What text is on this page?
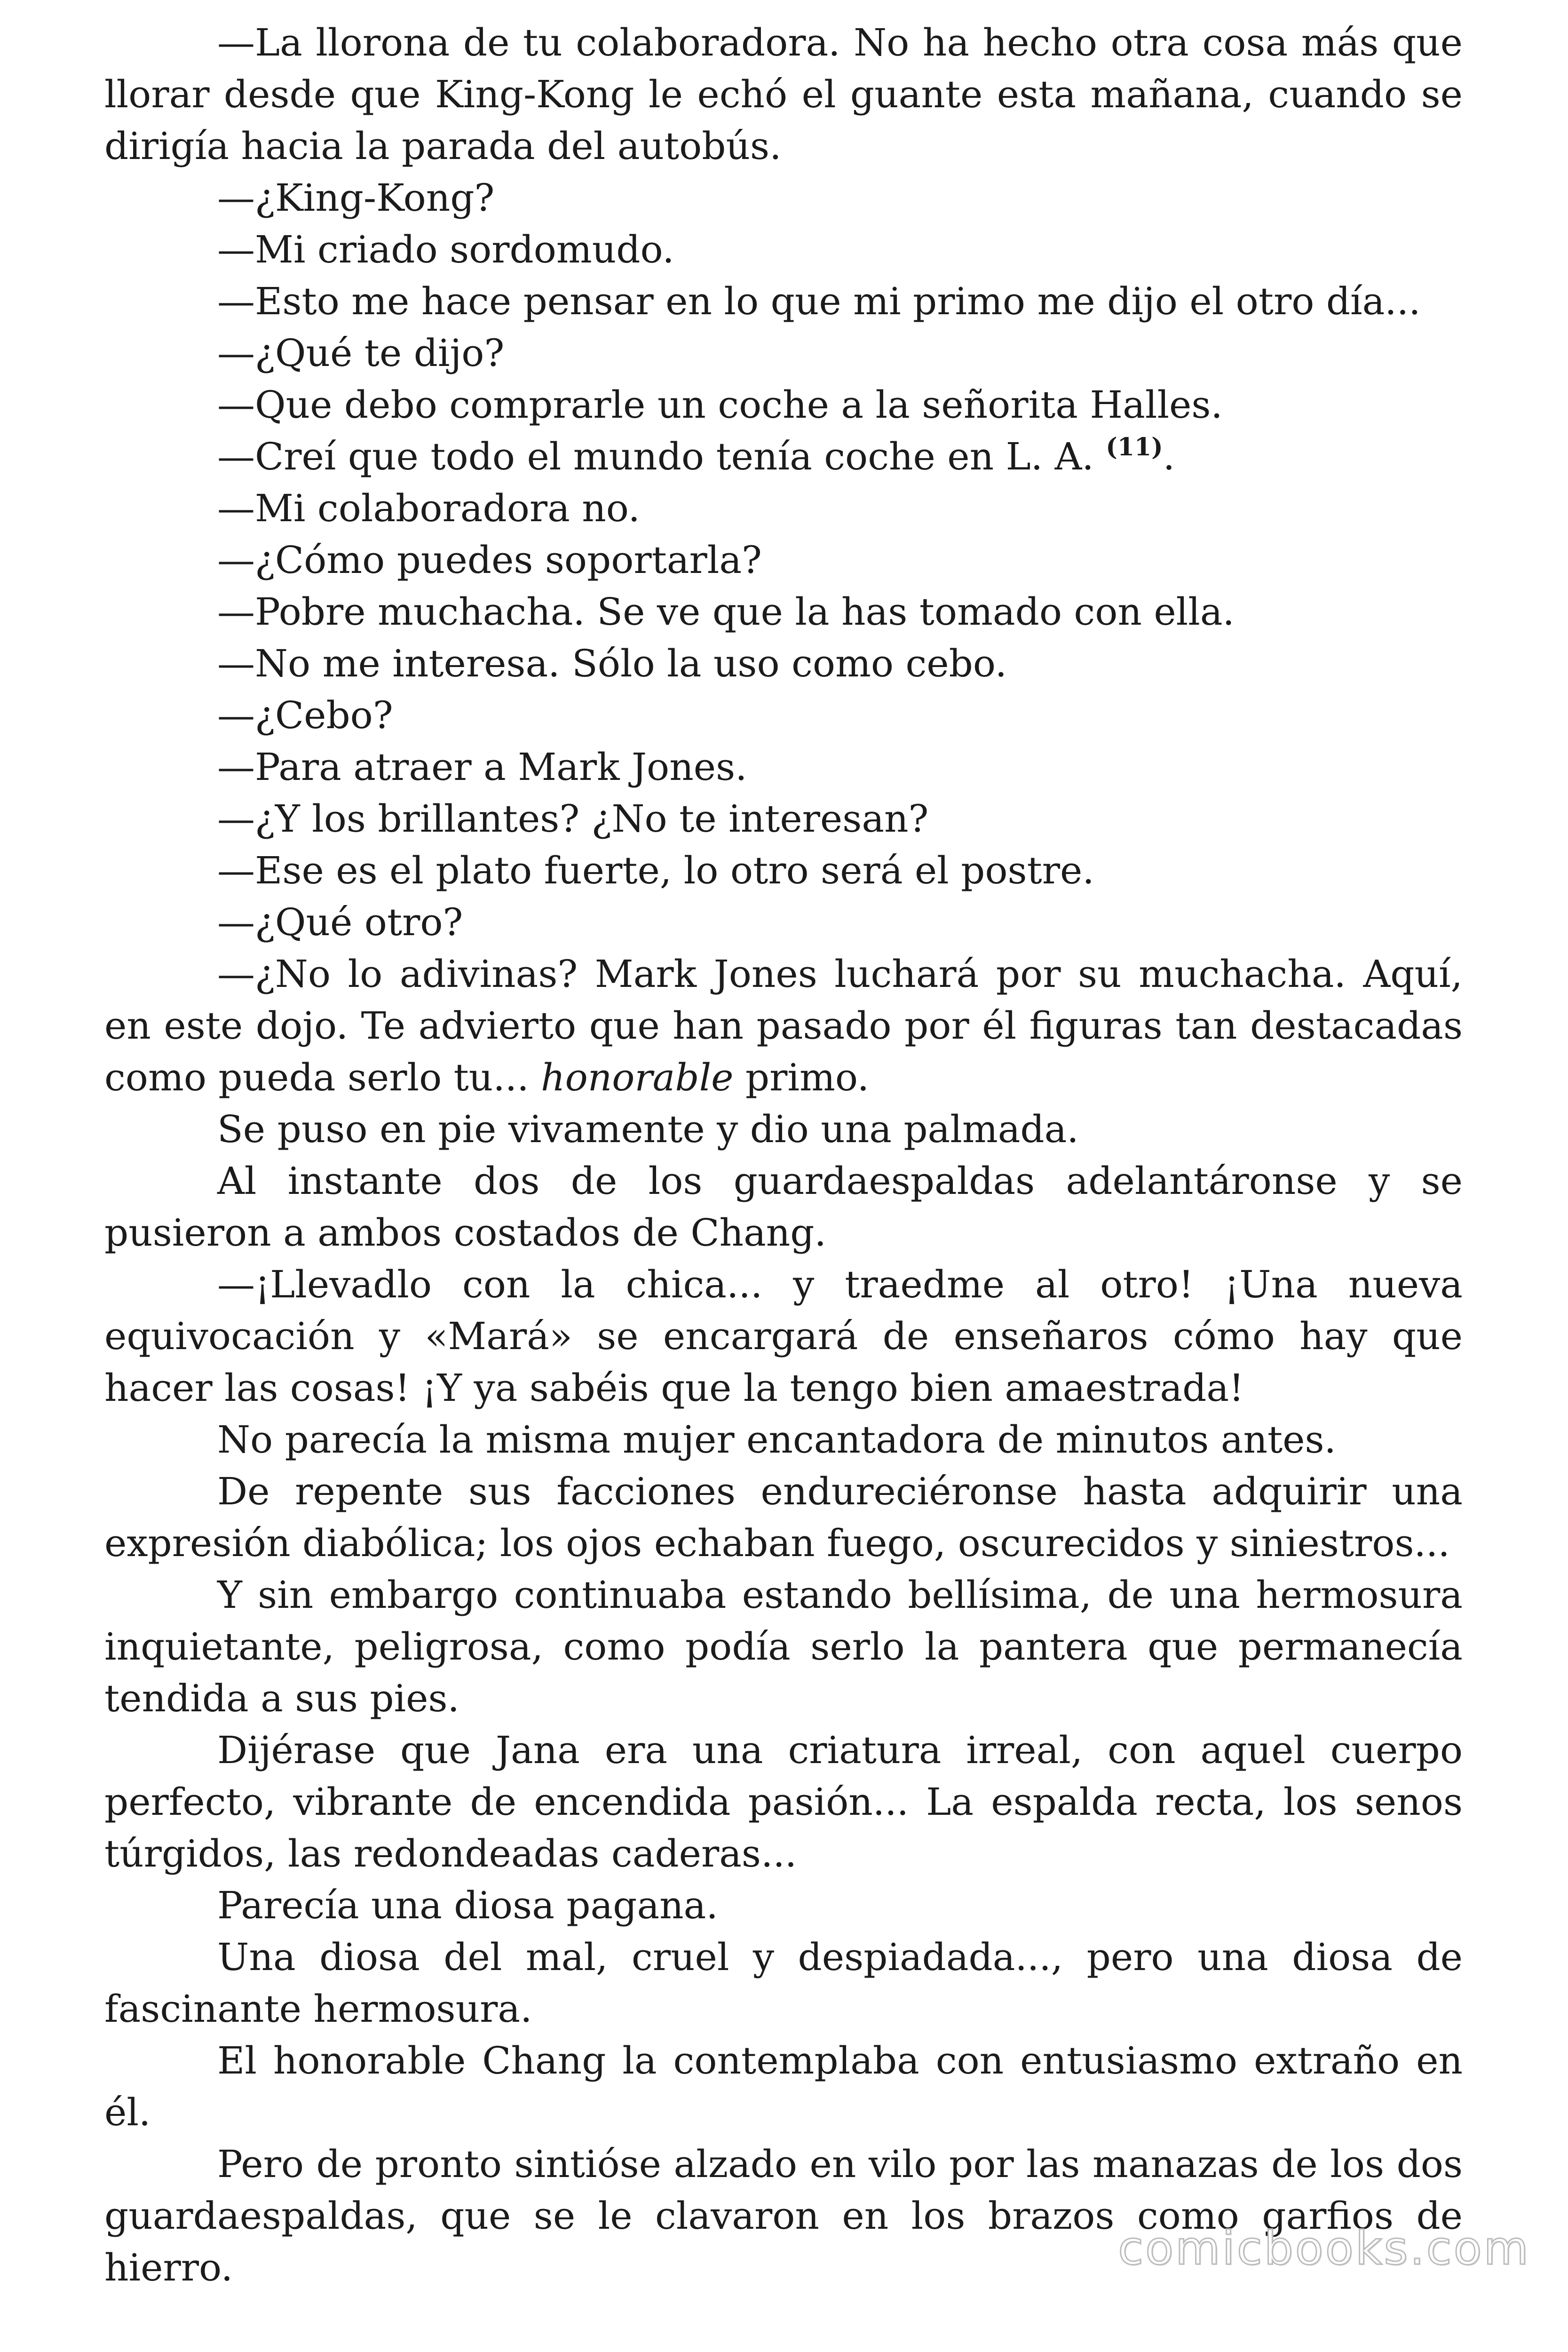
—La llorona de tu colaboradora. No ha hecho otra cosa más que llorar desde que King-Kong le echó el guante esta mañana, cuando se dirigía hacia la parada del autobús.

—¿King-Kong?

—Mi criado sordomudo.

—Esto me hace pensar en lo que mi primo me dijo el otro día...

—¿Qué te dijo?

—Que debo comprarle un coche a la señorita Halles.

—Creí que todo el mundo tenía coche en L. A. $^{(11)}$.

—Mi colaboradora no.

—¿Cómo puedes soportarla?

—Pobre muchacha. Se ve que la has tomado con ella.

—No me interesa. Sólo la uso como cebo.

—¿Cebo?

—Para atraer a Mark Jones.

—¿Y los brillantes? ¿No te interesan?

—Ese es el plato fuerte, lo otro será el postre.

—¿Qué otro?

—¿No lo adivinas? Mark Jones luchará por su muchacha. Aquí, en este dojo. Te advierto que han pasado por él figuras tan destacadas como pueda serlo tu... honorable primo.

Se puso en pie vivamente y dio una palmada.

Al instante dos de los guardaespaldas adelantáronse y se pusieron a ambos costados de Chang.

—¡Llevadlo con la chica... y traedme al otro! ¡Una nueva equivocación y «Mará» se encargará de enseñaros cómo hay que hacer las cosas! ¡Y ya sabéis que la tengo bien amaestrada!

No parecía la misma mujer encantadora de minutos antes.

De repente sus facciones endureciéronse hasta adquirir una expresión diabólica; los ojos echaban fuego, oscurecidos y siniestros...

Y sin embargo continuaba estando bellísima, de una hermosura inquietante, peligrosa, como podía serlo la pantera que permanecía tendida a sus pies.

Dijérase que Jana era una criatura irreal, con aquel cuerpo perfecto, vibrante de encendida pasión... La espalda recta, los senos túrgidos, las redondeadas caderas...

Parecía una diosa pagana.

Una diosa del mal, cruel y despiadada..., pero una diosa de fascinante hermosura.

El honorable Chang la contemplaba con entusiasmo extraño en él.

Pero de pronto sintióse alzado en vilo por las manazas de los dos guardaespaldas, que se le clavaron en los brazos como garfios de hierro.	comicbooks.com
